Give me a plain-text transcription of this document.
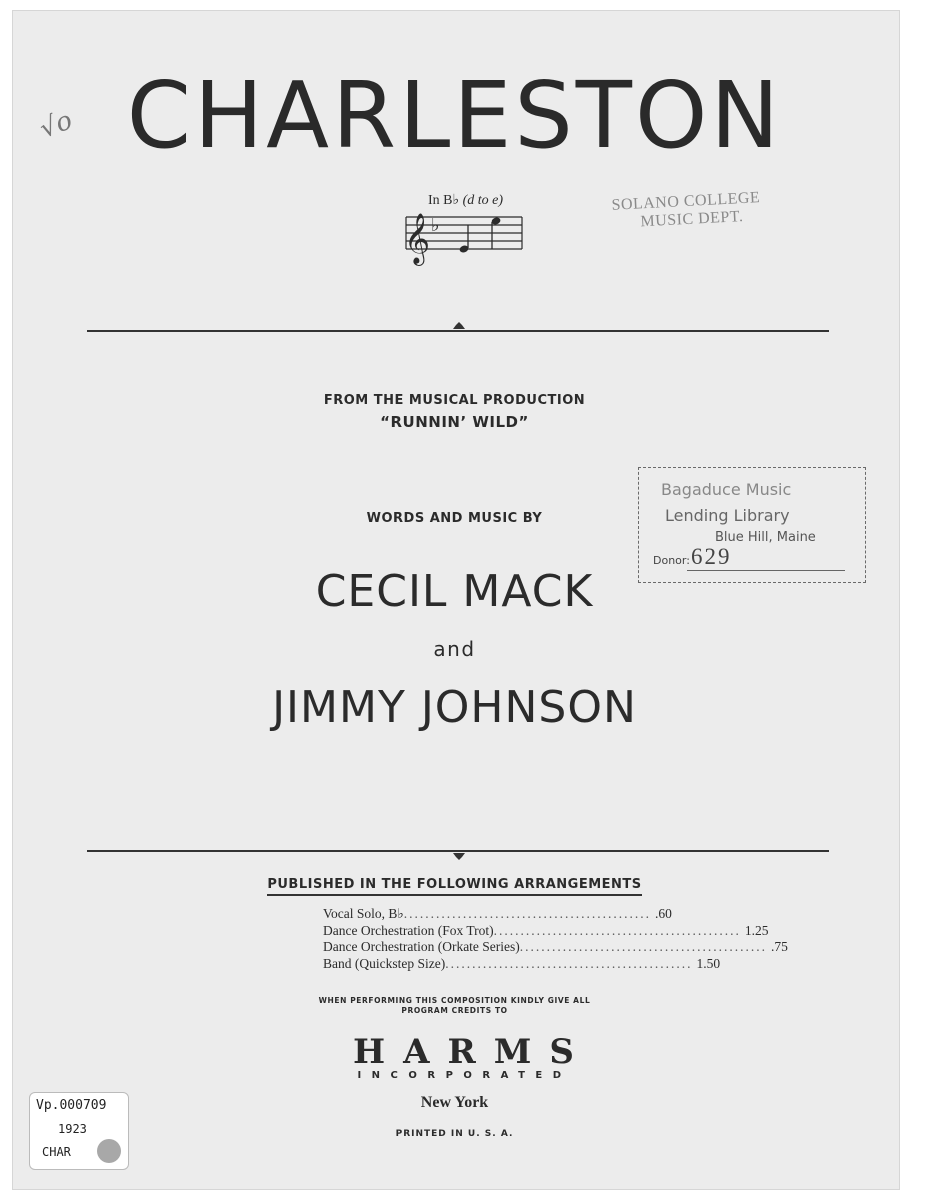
√o CHARLESTON
In B♭ (d to e)
𝄞 ♭
SOLANO COLLEGE
MUSIC DEPT.
FROM THE MUSICAL PRODUCTION
“RUNNIN’ WILD”
WORDS AND MUSIC BY
CECIL MACK
and
JIMMY JOHNSON
Bagaduce Music
Lending Library
Blue Hill, Maine
Donor: 629
PUBLISHED IN THE FOLLOWING ARRANGEMENTS
Vocal Solo, B♭ .............................................. .60
Dance Orchestration (Fox Trot) .............................................. 1.25
Dance Orchestration (Orkate Series) .............................................. .75
Band (Quickstep Size) .............................................. 1.50
WHEN PERFORMING THIS COMPOSITION KINDLY GIVE ALL
PROGRAM CREDITS TO
HARMS
INCORPORATED
New York
PRINTED IN U. S. A.
Vp.000709
1923
CHAR
